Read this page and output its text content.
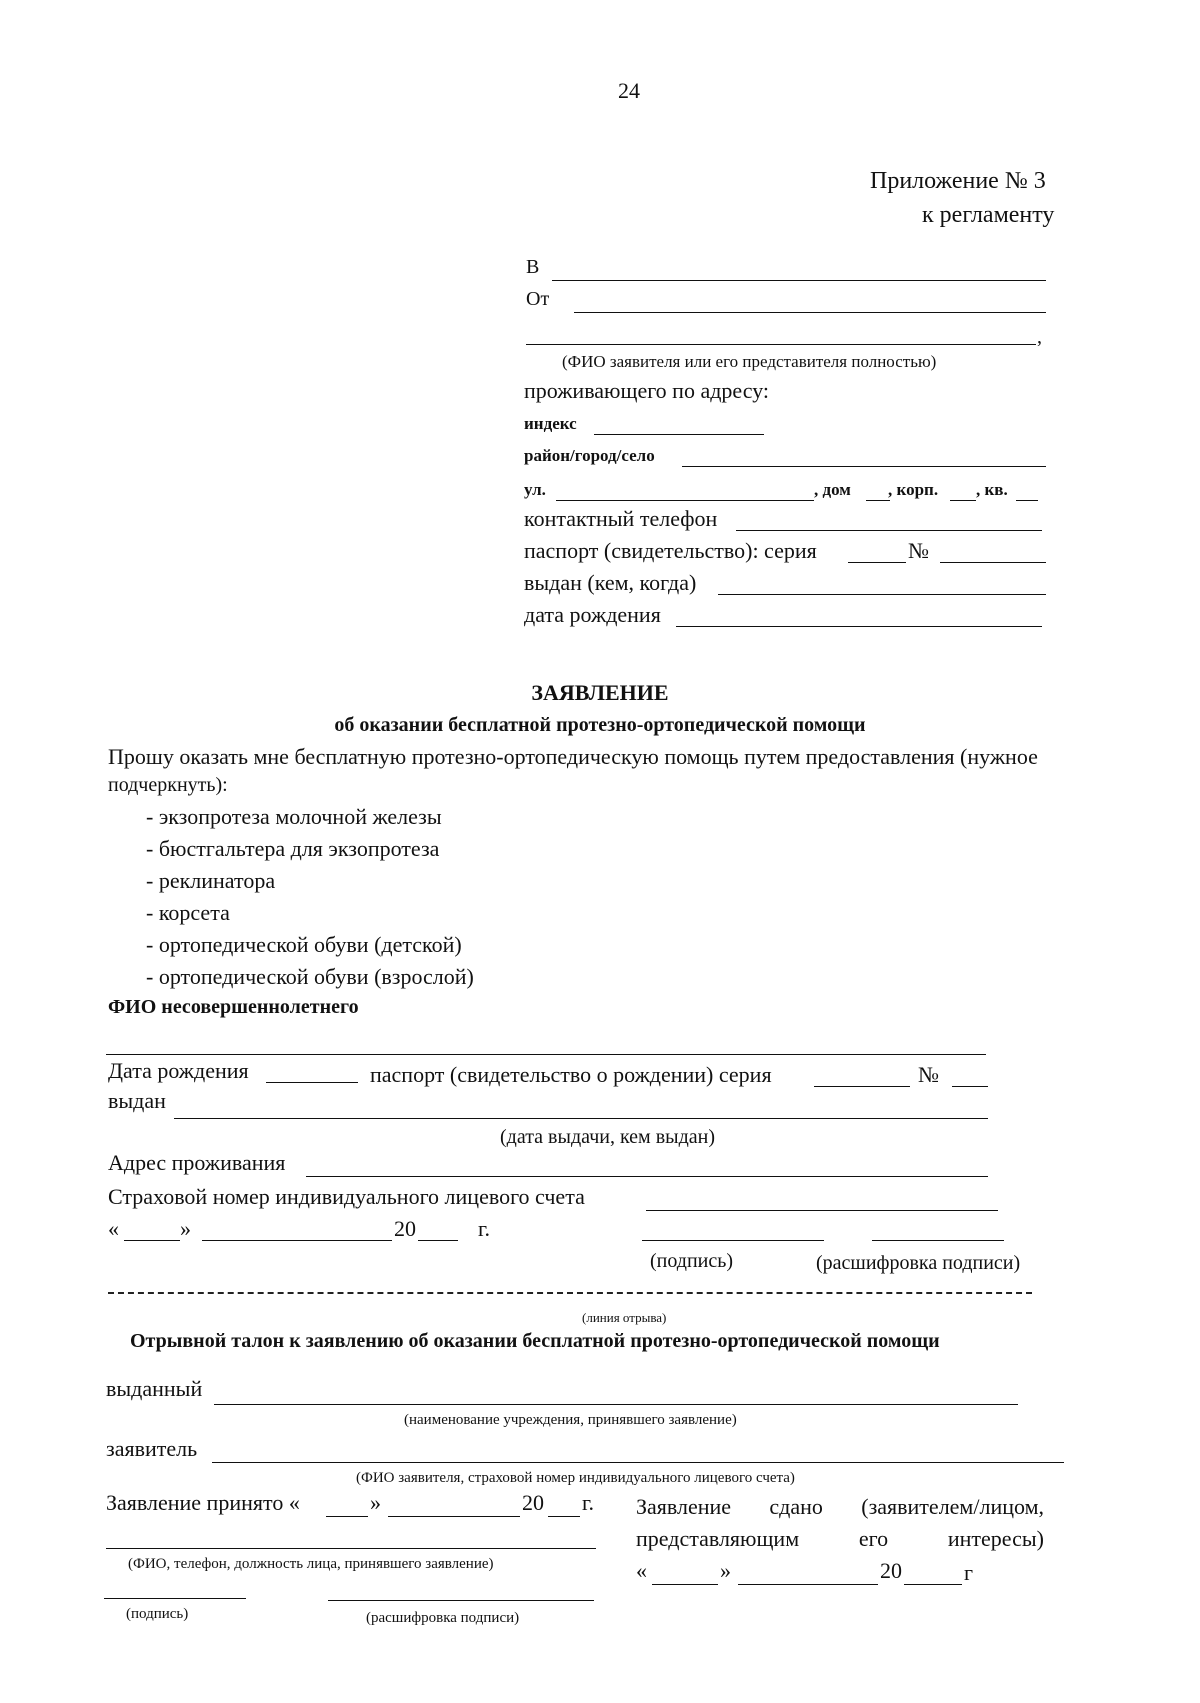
24
Приложение № 3
к регламенту
В
От
,
(ФИО заявителя или его представителя полностью)
проживающего по адресу:
индекс
район/город/село
ул.	, дом , корп. , кв.
контактный телефон
паспорт (свидетельство): серия	№
выдан (кем, когда)
дата рождения
ЗАЯВЛЕНИЕ
об оказании бесплатной протезно-ортопедической помощи
Прошу оказать мне бесплатную протезно-ортопедическую помощь путем предоставления (нужное
подчеркнуть):
- экзопротеза молочной железы
- бюстгальтера для экзопротеза
- реклинатора
- корсета
- ортопедической обуви (детской)
- ортопедической обуви (взрослой)
ФИО несовершеннолетнего
Дата рождения	паспорт (свидетельство о рождении) серия	№
выдан
(дата выдачи, кем выдан)
Адрес проживания
Страховой номер индивидуального лицевого счета
«	»	20	г.
(подпись)	(расшифровка подписи)
(линия отрыва)
Отрывной талон к заявлению об оказании бесплатной протезно-ортопедической помощи
выданный
(наименование учреждения, принявшего заявление)
заявитель
(ФИО заявителя, страховой номер индивидуального лицевого счета)
Заявление принято «	»	20 г.
(ФИО, телефон, должность лица, принявшего заявление)
Заявление сдано (заявителем/лицом,
представляющим	его	интересы)
«	»	20	г
(подпись)	(расшифровка подписи)
